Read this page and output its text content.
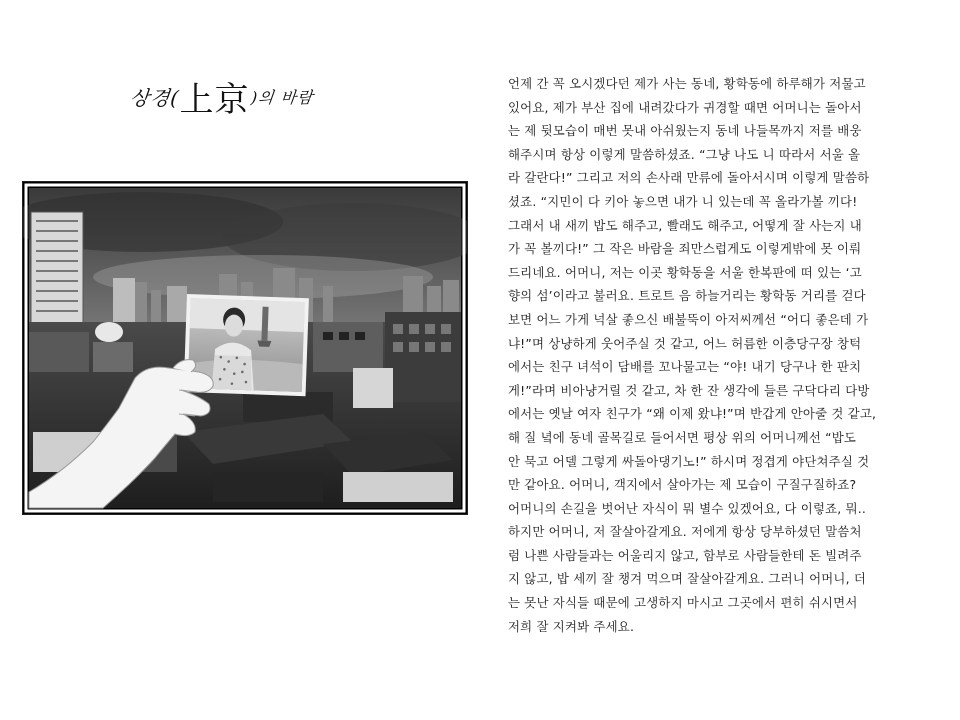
상경(
上京 )의 바람

언제 간 꼭 오시겠다던 제가 사는 동네, 황학동에 하루해가 저물고
있어요, 제가 부산 집에 내려갔다가 귀경할 때면 어머니는 돌아서
는 제 뒷모습이 매번 못내 아쉬웠는지 동네 나들목까지 저를 배웅
해주시며 항상 이렇게 말씀하셨죠. “그냥 나도 니 따라서 서울 올
라 갈란다!” 그리고 저의 손사래 만류에 돌아서시며 이렇게 말씀하
셨죠. “지민이 다 키아 놓으면 내가 니 있는데 꼭 올라가볼 끼다!
그래서 내 새끼 밥도 해주고, 빨래도 해주고, 어떻게 잘 사는지 내
가 꼭 볼끼다!” 그 작은 바람을 죄만스럽게도 이렇게밖에 못 이뤄
드리네요. 어머니, 저는 이곳 황학동을 서울 한복판에 떠 있는 ‘고
향의 섬’이라고 불러요. 트로트 음 하늘거리는 황학동 거리를 걷다
보면 어느 가게 넉살 좋으신 배불뚝이 아저씨께선 “어디 좋은데 가
냐!”며 상냥하게 웃어주실 것 같고, 어느 허름한 이층당구장 창턱
에서는 친구 녀석이 담배를 꼬나물고는 “야! 내기 당구나 한 판치
게!”라며 비아냥거릴 것 같고, 차 한 잔 생각에 들른 구닥다리 다방
에서는 옛날 여자 친구가 “왜 이제 왔냐!”며 반갑게 안아줄 것 같고,
해 질 녘에 동네 골목길로 들어서면 평상 위의 어머니께선 “밥도
안 묵고 어델 그렇게 싸돌아댕기노!” 하시며 정겹게 야단쳐주실 것
만 같아요. 어머니, 객지에서 살아가는 제 모습이 구질구질하죠?
어머니의 손길을 벗어난 자식이 뭐 별수 있겠어요, 다 이렇죠, 뭐..
하지만 어머니, 저 잘살아갈게요. 저에게 항상 당부하셨던 말씀처
럼 나쁜 사람들과는 어울리지 않고, 함부로 사람들한테 돈 빌려주
지 않고, 밥 세끼 잘 챙겨 먹으며 잘살아갈게요. 그러니 어머니, 더
는 못난 자식들 때문에 고생하지 마시고 그곳에서 편히 쉬시면서
저희 잘 지켜봐 주세요.
